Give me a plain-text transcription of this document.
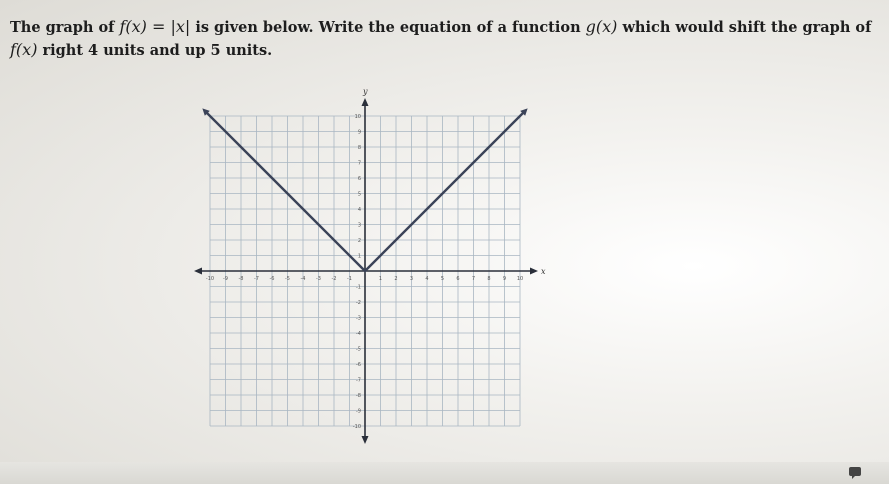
The graph of f(x) = |x| is given below. Write the equation of a function g(x) which would shift the graph of f(x) right 4 units and up 5 units.
-10 -9 -8 -7 -6 -5 -4 -3 -2 -1	1 2 3 4 5 6 7 8 9 10
10
9
8
7
6
5
4
3
2
1
-1
-2
-3
-4
-5
-6
-7
-8
-9
-10
x
y
